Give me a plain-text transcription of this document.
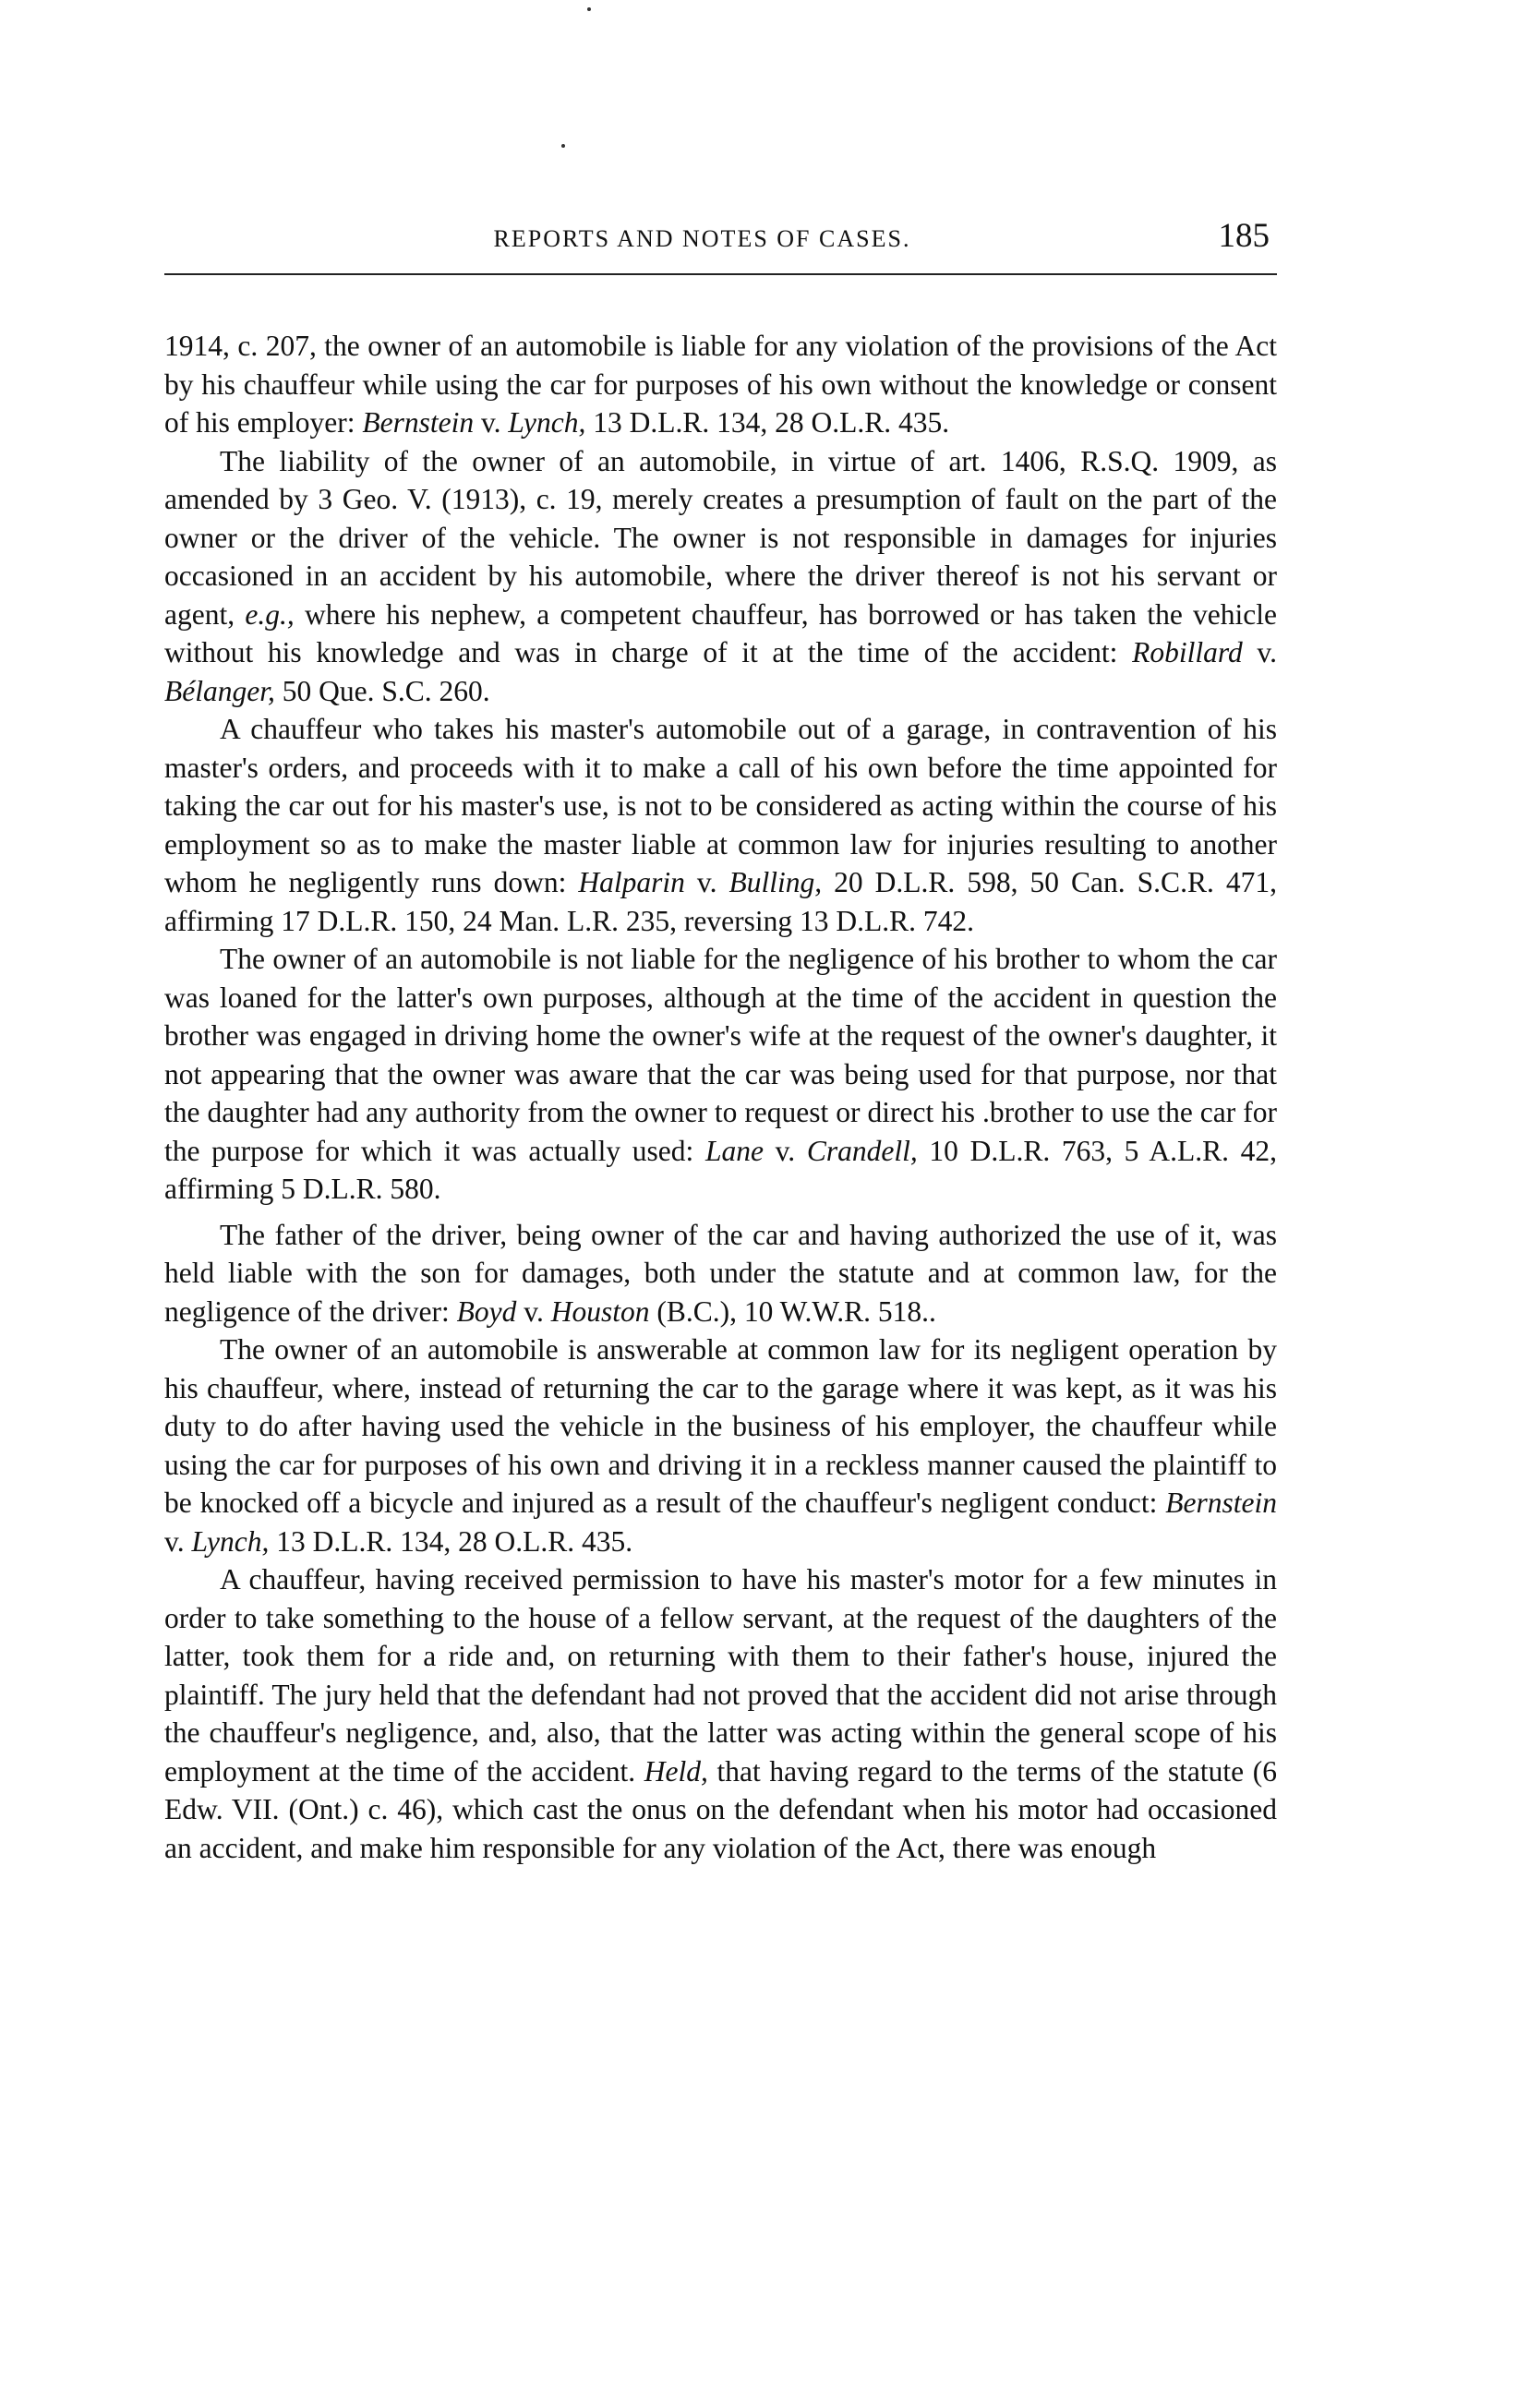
REPORTS AND NOTES OF CASES.	185

1914, c. 207, the owner of an automobile is liable for any violation of the provisions of the Act by his chauffeur while using the car for purposes of his own without the knowledge or consent of his employer: Bernstein v. Lynch, 13 D.L.R. 134, 28 O.L.R. 435.

The liability of the owner of an automobile, in virtue of art. 1406, R.S.Q. 1909, as amended by 3 Geo. V. (1913), c. 19, merely creates a presumption of fault on the part of the owner or the driver of the vehicle. The owner is not responsible in damages for injuries occasioned in an accident by his automobile, where the driver thereof is not his servant or agent, e.g., where his nephew, a competent chauffeur, has borrowed or has taken the vehicle without his knowledge and was in charge of it at the time of the accident: Robillard v. Bélanger, 50 Que. S.C. 260.

A chauffeur who takes his master's automobile out of a garage, in contravention of his master's orders, and proceeds with it to make a call of his own before the time appointed for taking the car out for his master's use, is not to be considered as acting within the course of his employment so as to make the master liable at common law for injuries resulting to another whom he negligently runs down: Halparin v. Bulling, 20 D.L.R. 598, 50 Can. S.C.R. 471, affirming 17 D.L.R. 150, 24 Man. L.R. 235, reversing 13 D.L.R. 742.

The owner of an automobile is not liable for the negligence of his brother to whom the car was loaned for the latter's own purposes, although at the time of the accident in question the brother was engaged in driving home the owner's wife at the request of the owner's daughter, it not appearing that the owner was aware that the car was being used for that purpose, nor that the daughter had any authority from the owner to request or direct his .brother to use the car for the purpose for which it was actually used: Lane v. Crandell, 10 D.L.R. 763, 5 A.L.R. 42, affirming 5 D.L.R. 580.

The father of the driver, being owner of the car and having authorized the use of it, was held liable with the son for damages, both under the statute and at common law, for the negligence of the driver: Boyd v. Houston (B.C.), 10 W.W.R. 518..

The owner of an automobile is answerable at common law for its negligent operation by his chauffeur, where, instead of returning the car to the garage where it was kept, as it was his duty to do after having used the vehicle in the business of his employer, the chauffeur while using the car for purposes of his own and driving it in a reckless manner caused the plaintiff to be knocked off a bicycle and injured as a result of the chauffeur's negligent conduct: Bernstein v. Lynch, 13 D.L.R. 134, 28 O.L.R. 435.

A chauffeur, having received permission to have his master's motor for a few minutes in order to take something to the house of a fellow servant, at the request of the daughters of the latter, took them for a ride and, on returning with them to their father's house, injured the plaintiff. The jury held that the defendant had not proved that the accident did not arise through the chauffeur's negligence, and, also, that the latter was acting within the general scope of his employment at the time of the accident. Held, that having regard to the terms of the statute (6 Edw. VII. (Ont.) c. 46), which cast the onus on the defendant when his motor had occasioned an accident, and make him responsible for any violation of the Act, there was enough
